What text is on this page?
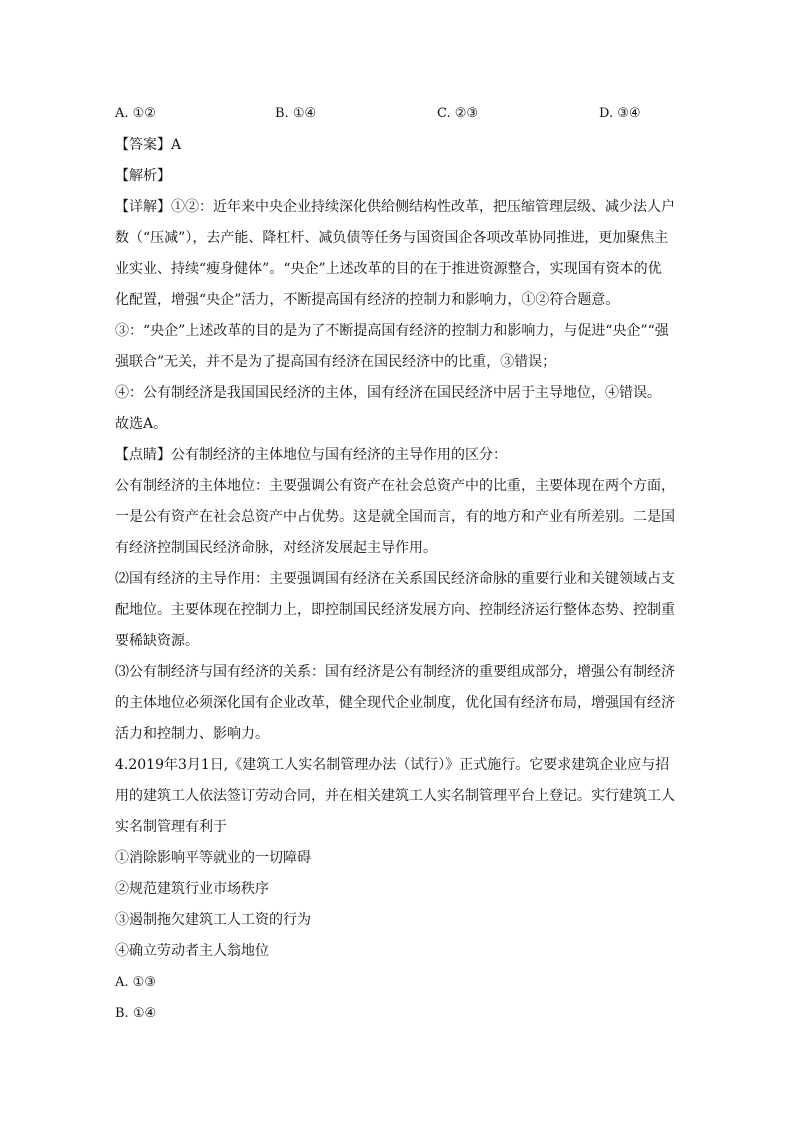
A. ①②	B. ①④	C. ②③	D. ③④

【答案】A

【解析】

【详解】①②：近年来中央企业持续深化供给侧结构性改革，把压缩管理层级、减少法人户

数（“压减”），去产能、降杠杆、减负债等任务与国资国企各项改革协同推进，更加聚焦主

业实业、持续“瘦身健体”。“央企”上述改革的目的在于推进资源整合，实现国有资本的优

化配置，增强“央企”活力，不断提高国有经济的控制力和影响力，①②符合题意。

③：“央企”上述改革的目的是为了不断提高国有经济的控制力和影响力，与促进“央企”“强

强联合”无关，并不是为了提高国有经济在国民经济中的比重，③错误；

④：公有制经济是我国国民经济的主体，国有经济在国民经济中居于主导地位，④错误。

故选A。

【点睛】公有制经济的主体地位与国有经济的主导作用的区分：

公有制经济的主体地位：主要强调公有资产在社会总资产中的比重，主要体现在两个方面，

一是公有资产在社会总资产中占优势。这是就全国而言，有的地方和产业有所差别。二是国

有经济控制国民经济命脉，对经济发展起主导作用。

⑵国有经济的主导作用：主要强调国有经济在关系国民经济命脉的重要行业和关键领域占支

配地位。主要体现在控制力上，即控制国民经济发展方向、控制经济运行整体态势、控制重

要稀缺资源。

⑶公有制经济与国有经济的关系：国有经济是公有制经济的重要组成部分，增强公有制经济

的主体地位必须深化国有企业改革，健全现代企业制度，优化国有经济布局，增强国有经济

活力和控制力、影响力。

4.2019年3月1日,《建筑工人实名制管理办法（试行）》正式施行。它要求建筑企业应与招

用的建筑工人依法签订劳动合同，并在相关建筑工人实名制管理平台上登记。实行建筑工人

实名制管理有利于

①消除影响平等就业的一切障碍

②规范建筑行业市场秩序

③遏制拖欠建筑工人工资的行为

④确立劳动者主人翁地位

A. ①③

B. ①④
